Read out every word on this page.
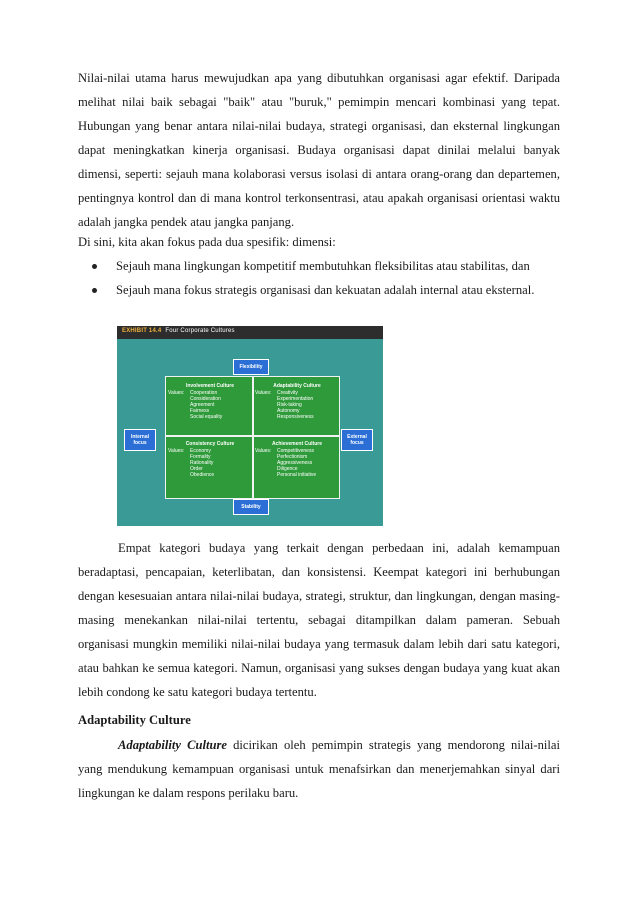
Nilai-nilai utama harus mewujudkan apa yang dibutuhkan organisasi agar efektif. Daripada melihat nilai baik sebagai "baik" atau "buruk," pemimpin mencari kombinasi yang tepat. Hubungan yang benar antara nilai-nilai budaya, strategi organisasi, dan eksternal lingkungan dapat meningkatkan kinerja organisasi. Budaya organisasi dapat dinilai melalui banyak dimensi, seperti: sejauh mana kolaborasi versus isolasi di antara orang-orang dan departemen, pentingnya kontrol dan di mana kontrol terkonsentrasi, atau apakah organisasi orientasi waktu adalah jangka pendek atau jangka panjang.

Di sini, kita akan fokus pada dua spesifik: dimensi:

Sejauh mana lingkungan kompetitif membutuhkan fleksibilitas atau stabilitas, dan
Sejauh mana fokus strategis organisasi dan kekuatan adalah internal atau eksternal.
EXHIBIT 14.4 Four Corporate Cultures
Flexibility
Stability
Internal focus
External focus
Involvement Culture
Values:	Cooperation
Consideration
Agreement
Fairness
Social equality
Adaptability Culture
Values:	Creativity
Experimentation
Risk-taking
Autonomy
Responsiveness
Consistency Culture
Values:	Economy
Formality
Rationality
Order
Obedience
Achievement Culture
Values:	Competitiveness
Perfectionism
Aggressiveness
Diligence
Personal initiative

Empat kategori budaya yang terkait dengan perbedaan ini, adalah kemampuan beradaptasi, pencapaian, keterlibatan, dan konsistensi. Keempat kategori ini berhubungan dengan kesesuaian antara nilai-nilai budaya, strategi, struktur, dan lingkungan, dengan masing-masing menekankan nilai-nilai tertentu, sebagai ditampilkan dalam pameran. Sebuah organisasi mungkin memiliki nilai-nilai budaya yang termasuk dalam lebih dari satu kategori, atau bahkan ke semua kategori. Namun, organisasi yang sukses dengan budaya yang kuat akan lebih condong ke satu kategori budaya tertentu.

Adaptability Culture

Adaptability Culture dicirikan oleh pemimpin strategis yang mendorong nilai-nilai yang mendukung kemampuan organisasi untuk menafsirkan dan menerjemahkan sinyal dari lingkungan ke dalam respons perilaku baru.
